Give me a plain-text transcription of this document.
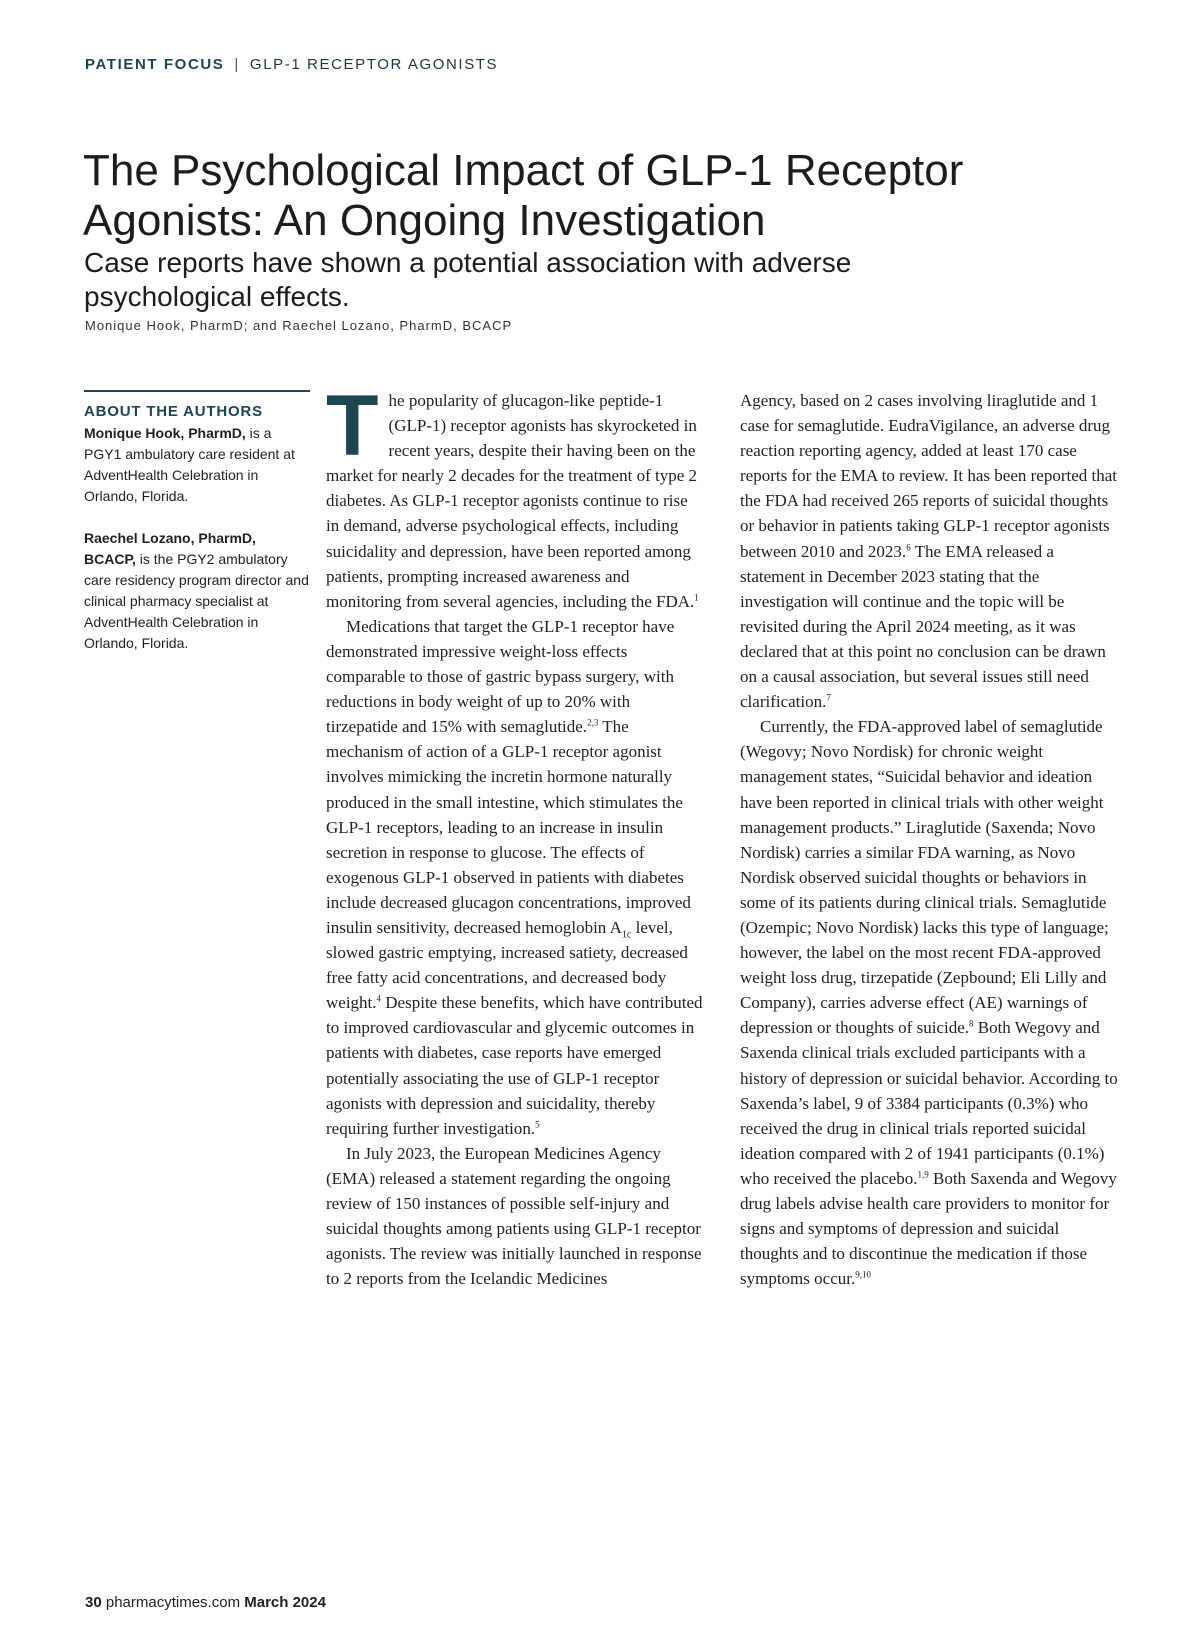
PATIENT FOCUS | GLP-1 RECEPTOR AGONISTS
The Psychological Impact of GLP-1 Receptor Agonists: An Ongoing Investigation
Case reports have shown a potential association with adverse psychological effects.
Monique Hook, PharmD; and Raechel Lozano, PharmD, BCACP
ABOUT THE AUTHORS

Monique Hook, PharmD, is a PGY1 ambulatory care resident at AdventHealth Celebration in Orlando, Florida.

Raechel Lozano, PharmD, BCACP, is the PGY2 ambulatory care residency program director and clinical pharmacy specialist at AdventHealth Celebration in Orlando, Florida.

The popularity of glucagon-like peptide-1 (GLP-1) receptor agonists has skyrocketed in recent years, despite their having been on the market for nearly 2 decades for the treatment of type 2 diabetes. As GLP-1 receptor agonists continue to rise in demand, adverse psychological effects, including suicidality and depression, have been reported among patients, prompting increased awareness and monitoring from several agencies, including the FDA.$^1$

Medications that target the GLP-1 receptor have demonstrated impressive weight-loss effects comparable to those of gastric bypass surgery, with reductions in body weight of up to 20% with tirzepatide and 15% with semaglutide.$^{2,3}$ The mechanism of action of a GLP-1 receptor agonist involves mimicking the incretin hormone naturally produced in the small intestine, which stimulates the GLP-1 receptors, leading to an increase in insulin secretion in response to glucose. The effects of exogenous GLP-1 observed in patients with diabetes include decreased glucagon concentrations, improved insulin sensitivity, decreased hemoglobin $A_{1c}$ level, slowed gastric emptying, increased satiety, decreased free fatty acid concentrations, and decreased body weight.$^4$ Despite these benefits, which have contributed to improved cardiovascular and glycemic outcomes in patients with diabetes, case reports have emerged potentially associating the use of GLP-1 receptor agonists with depression and suicidality, thereby requiring further investigation.$^5$

In July 2023, the European Medicines Agency (EMA) released a statement regarding the ongoing review of 150 instances of possible self-injury and suicidal thoughts among patients using GLP-1 receptor agonists. The review was initially launched in response to 2 reports from the Icelandic Medicines

Agency, based on 2 cases involving liraglutide and 1 case for semaglutide. EudraVigilance, an adverse drug reaction reporting agency, added at least 170 case reports for the EMA to review. It has been reported that the FDA had received 265 reports of suicidal thoughts or behavior in patients taking GLP-1 receptor agonists between 2010 and 2023.$^6$ The EMA released a statement in December 2023 stating that the investigation will continue and the topic will be revisited during the April 2024 meeting, as it was declared that at this point no conclusion can be drawn on a causal association, but several issues still need clarification.$^7$

Currently, the FDA-approved label of semaglutide (Wegovy; Novo Nordisk) for chronic weight management states, “Suicidal behavior and ideation have been reported in clinical trials with other weight management products.” Liraglutide (Saxenda; Novo Nordisk) carries a similar FDA warning, as Novo Nordisk observed suicidal thoughts or behaviors in some of its patients during clinical trials. Semaglutide (Ozempic; Novo Nordisk) lacks this type of language; however, the label on the most recent FDA-approved weight loss drug, tirzepatide (Zepbound; Eli Lilly and Company), carries adverse effect (AE) warnings of depression or thoughts of suicide.$^8$ Both Wegovy and Saxenda clinical trials excluded participants with a history of depression or suicidal behavior. According to Saxenda’s label, 9 of 3384 participants (0.3%) who received the drug in clinical trials reported suicidal ideation compared with 2 of 1941 participants (0.1%) who received the placebo.$^{1,9}$ Both Saxenda and Wegovy drug labels advise health care providers to monitor for signs and symptoms of depression and suicidal thoughts and to discontinue the medication if those symptoms occur.$^{9,10}$

30 pharmacytimes.com March 2024
